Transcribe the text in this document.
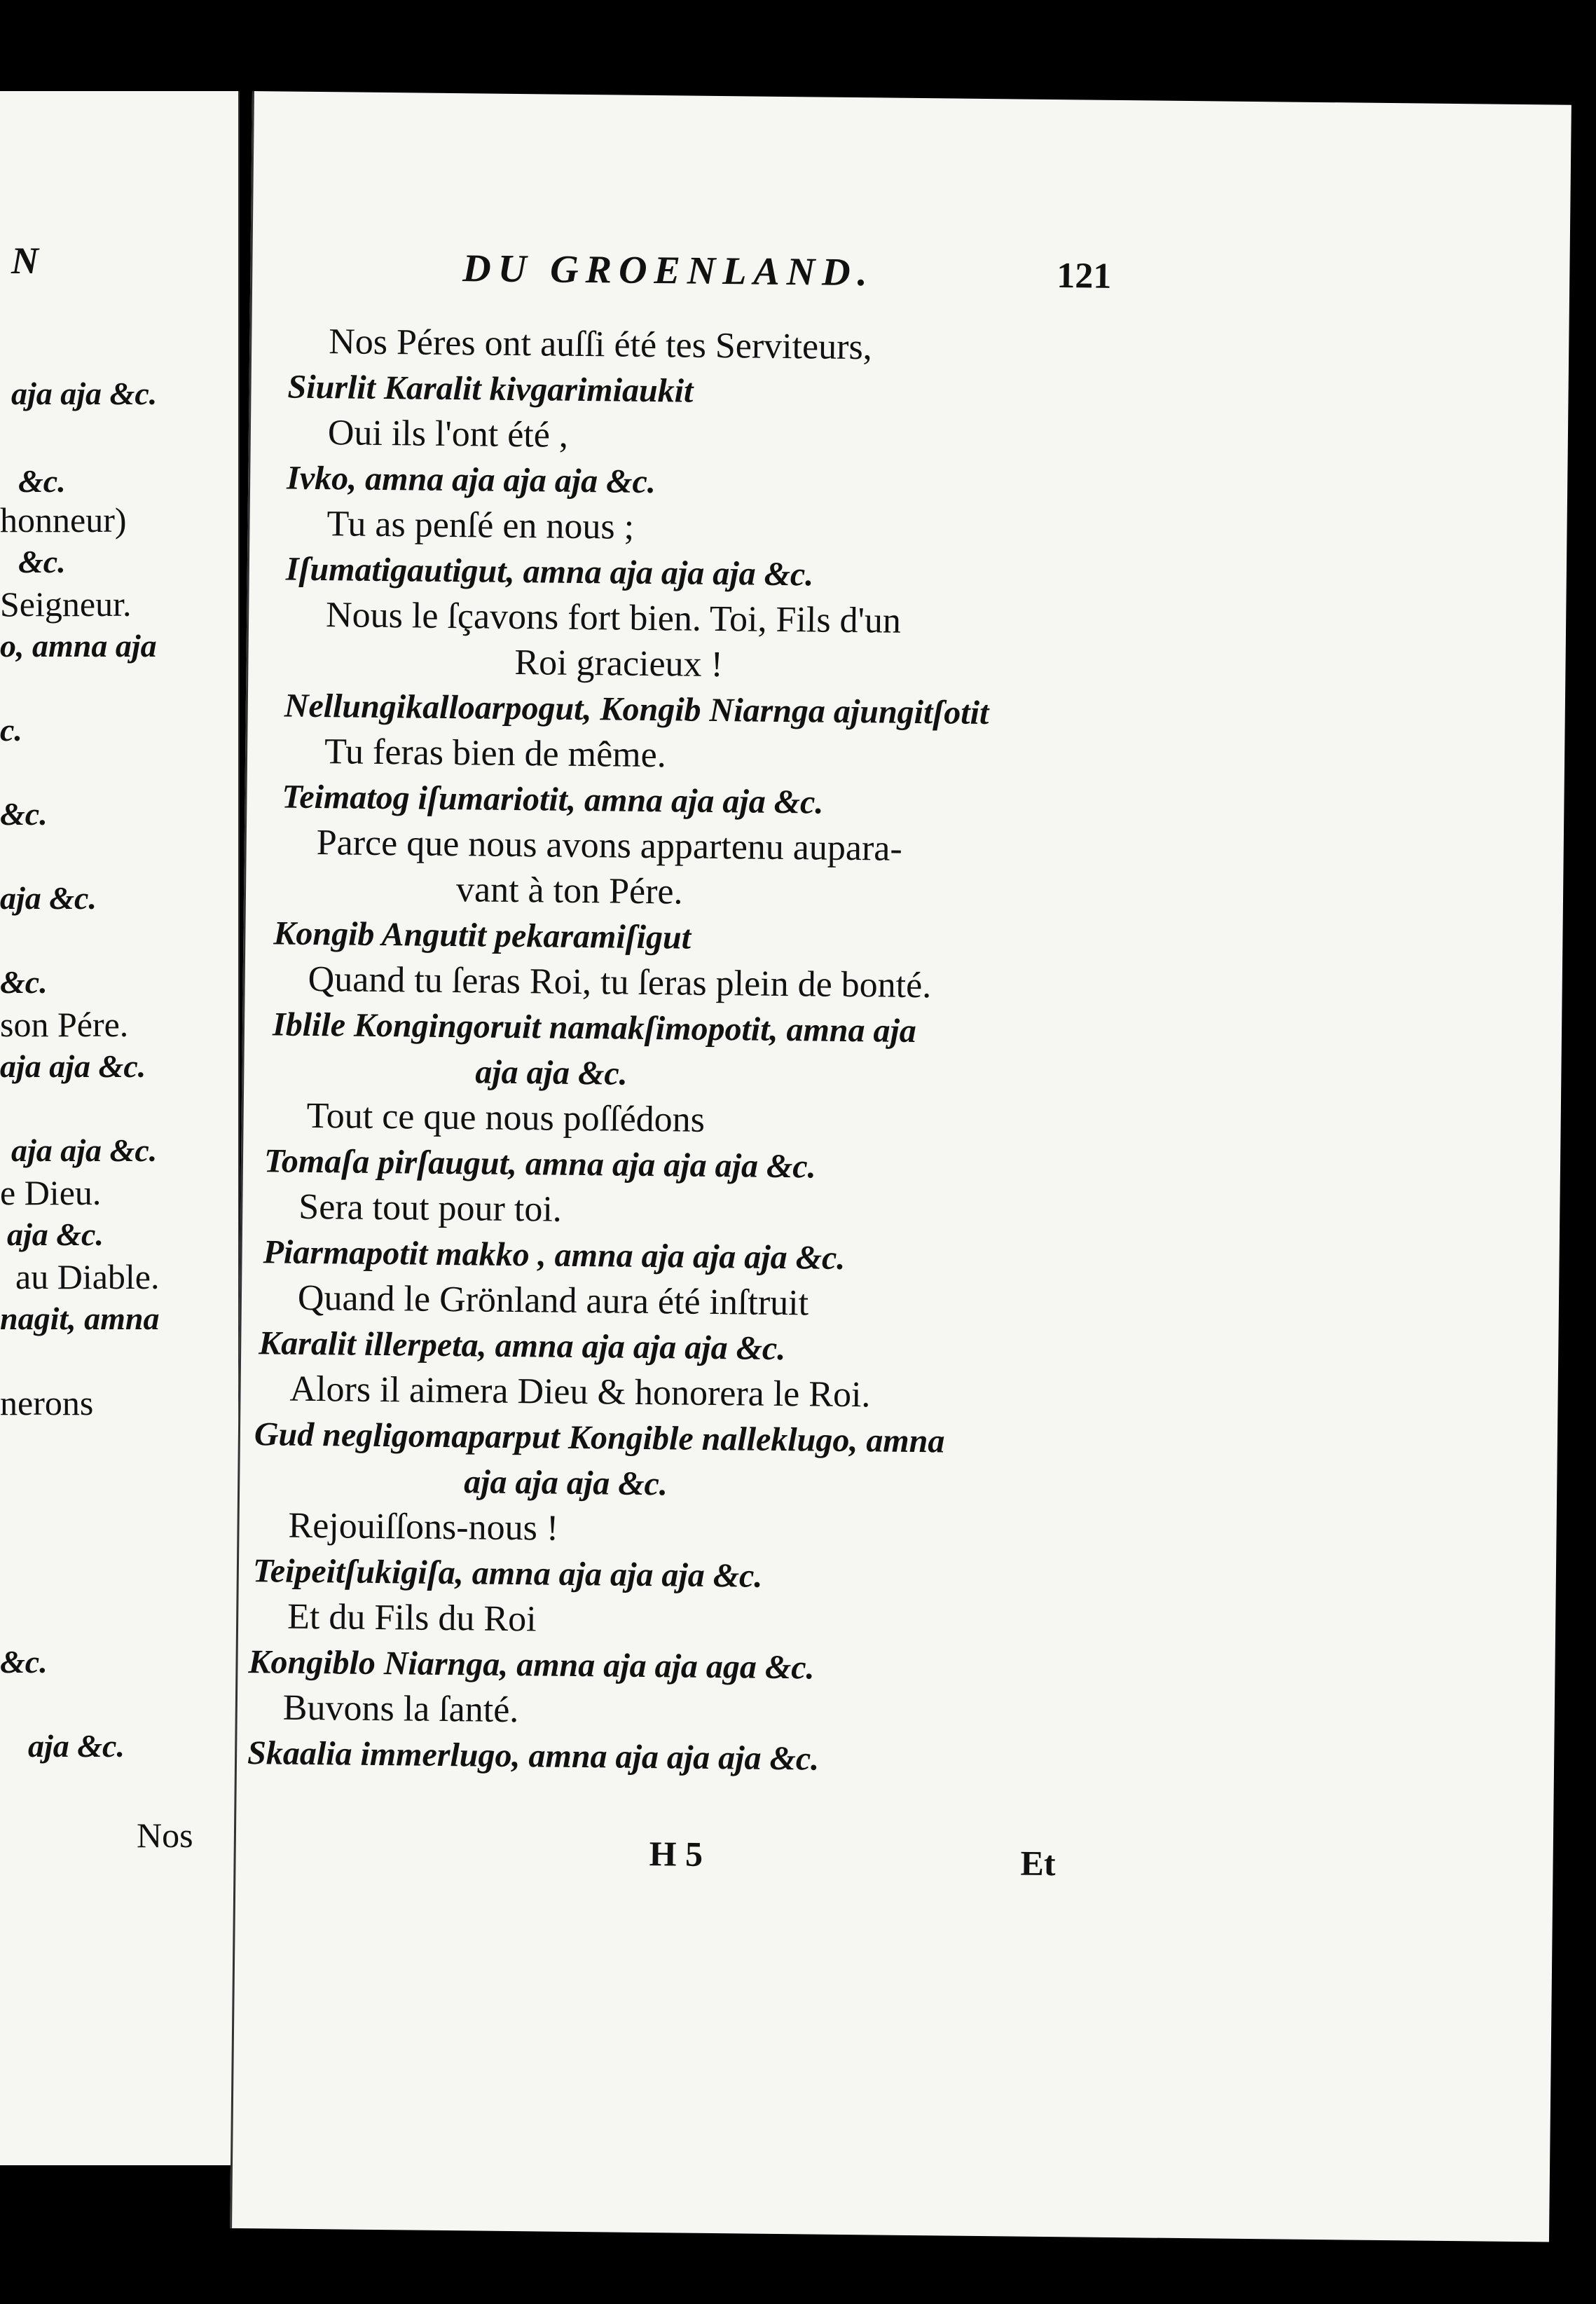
N
aja aja &c.
&c.
honneur)
&c.
Seigneur.
o, amna aja
c.
&c.
aja &c.
&c.
son Pére.
aja aja &c.
aja aja &c.
e Dieu.
aja &c.
au Diable.
nagit, amna
nerons
&c.
aja &c.
Nos
DU GROENLAND.	121
Nos Péres ont auſſi été tes Serviteurs,
Siurlit Karalit kivgarimiaukit
Oui ils l'ont été ,
Ivko, amna aja aja aja &c.
Tu as penſé en nous ;
Iſumatigautigut, amna aja aja aja &c.
Nous le ſçavons fort bien. Toi, Fils d'un
Roi gracieux !
Nellungikalloarpogut, Kongib Niarnga ajungitſotit
Tu feras bien de même.
Teimatog iſumariotit, amna aja aja &c.
Parce que nous avons appartenu aupara-
vant à ton Pére.
Kongib Angutit pekaramiſigut
Quand tu ſeras Roi, tu ſeras plein de bonté.
Iblile Kongingoruit namakſimopotit, amna aja
aja aja &c.
Tout ce que nous poſſédons
Tomaſa pirſaugut, amna aja aja aja &c.
Sera tout pour toi.
Piarmapotit makko , amna aja aja aja &c.
Quand le Grönland aura été inſtruit
Karalit illerpeta, amna aja aja aja &c.
Alors il aimera Dieu & honorera le Roi.
Gud negligomaparput Kongible nalleklugo, amna
aja aja aja &c.
Rejouiſſons-nous !
Teipeitſukigiſa, amna aja aja aja &c.
Et du Fils du Roi
Kongiblo Niarnga, amna aja aja aga &c.
Buvons la ſanté.
Skaalia immerlugo, amna aja aja aja &c.
H 5	Et
